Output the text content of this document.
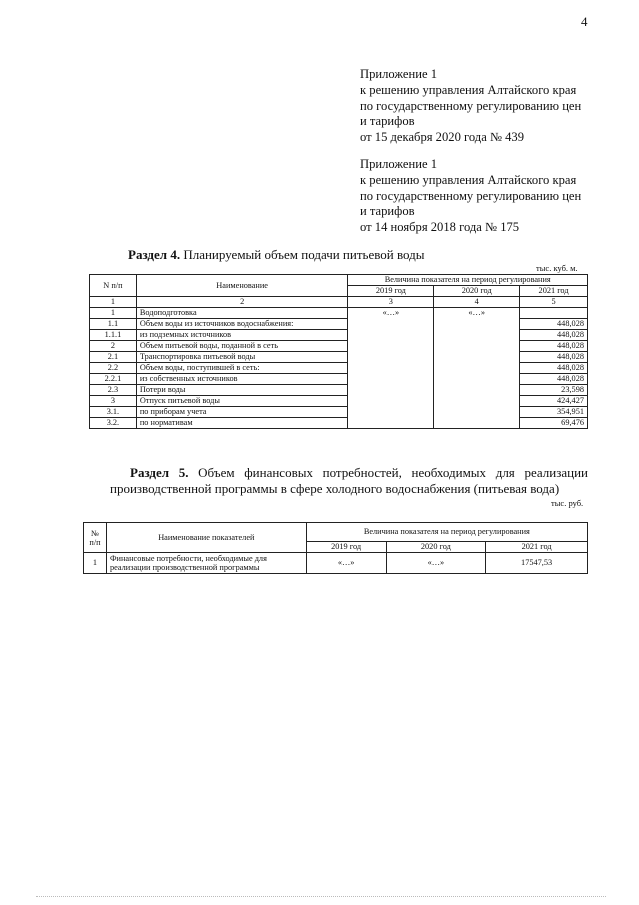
4
Приложение 1
к решению управления Алтайского края
по государственному регулированию цен
и тарифов
от 15 декабря 2020 года № 439
Приложение 1
к решению управления Алтайского края
по государственному регулированию цен
и тарифов
от 14 ноября 2018 года № 175
Раздел 4. Планируемый объем подачи питьевой воды
тыс. куб. м.
N п/п	Наименование	Величина показателя на период регулирования		
		2019 год	2020 год	2021 год
1	2	3	4	5
1	Водоподготовка	«…»	«…»	
1.1	Объем воды из источников водоснабжения:			448,028
1.1.1	из подземных источников			448,028
2	Объем питьевой воды, поданной в сеть			448,028
2.1	Транспортировка питьевой воды			448,028
2.2	Объем воды, поступившей в сеть:			448,028
2.2.1	из собственных источников			448,028
2.3	Потери воды			23,598
3	Отпуск питьевой воды			424,427
3.1.	по приборам учета			354,951
3.2.	по нормативам			69,476
Раздел 5. Объем финансовых потребностей, необходимых для реализации производственной программы в сфере холодного водоснабжения (питьевая вода)
тыс. руб.
№
п/п	Наименование показателей	Величина показателя на период регулирования		
		2019 год	2020 год	2021 год
1	Финансовые потребности, необходимые для
реализации производственной программы	«…»	«…»	17547,53
